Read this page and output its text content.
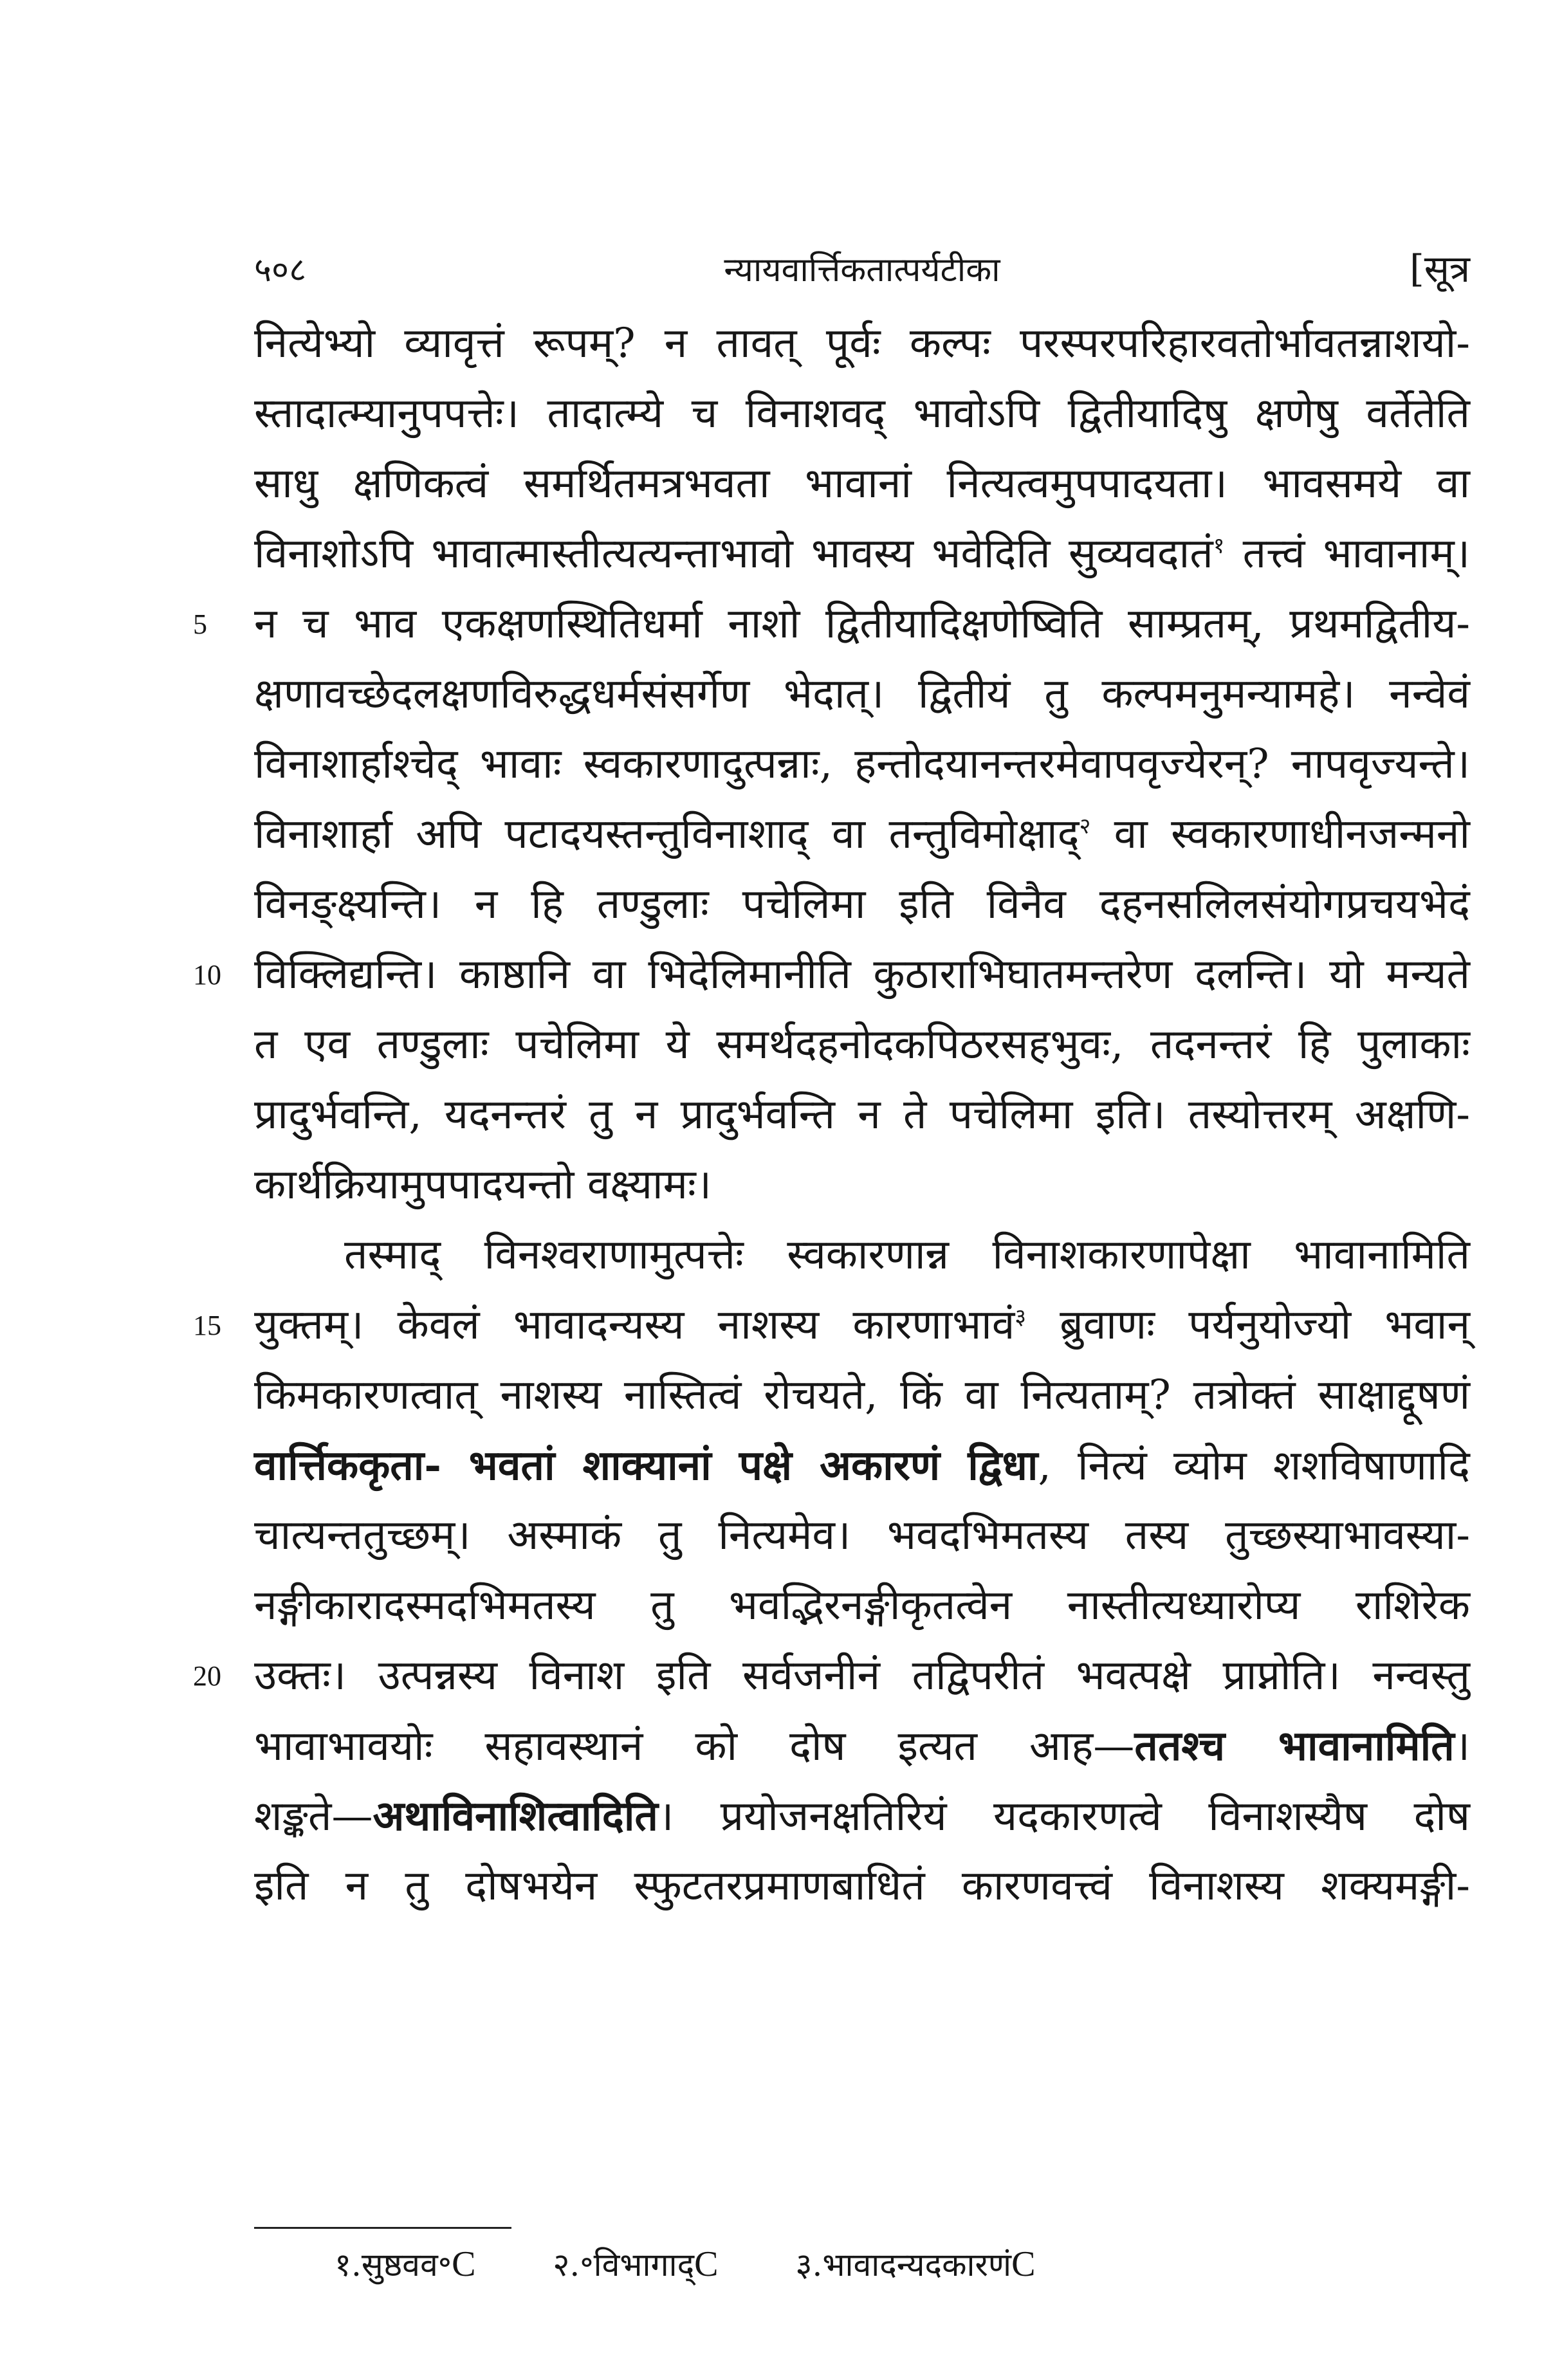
५०८	न्यायवार्त्तिकतात्पर्यटीका	[सूत्र
नित्येभ्यो व्यावृत्तं रूपम्? न तावत् पूर्वः कल्पः परस्परपरिहारवतोर्भावतन्नाशयो-
स्तादात्म्यानुपपत्तेः। तादात्म्ये च विनाशवद् भावोऽपि द्वितीयादिषु क्षणेषु वर्तेतेति
साधु क्षणिकत्वं समर्थितमत्रभवता भावानां नित्यत्वमुपपादयता। भावसमये वा
विनाशोऽपि भावात्मास्तीत्यत्यन्ताभावो भावस्य भवेदिति सुव्यवदातं$^१$ तत्त्वं भावानाम्।
5	न च भाव एकक्षणस्थितिधर्मा नाशो द्वितीयादिक्षणेष्विति साम्प्रतम्, प्रथमद्वितीय-
क्षणावच्छेदलक्षणविरुद्धधर्मसंसर्गेण भेदात्। द्वितीयं तु कल्पमनुमन्यामहे। नन्वेवं
विनाशार्हाश्चेद् भावाः स्वकारणादुत्पन्नाः, हन्तोदयानन्तरमेवापवृज्येरन्? नापवृज्यन्ते।
विनाशार्हा अपि पटादयस्तन्तुविनाशाद् वा तन्तुविमोक्षाद्$^२$ वा स्वकारणाधीनजन्मनो
विनङ्क्ष्यन्ति। न हि तण्डुलाः पचेलिमा इति विनैव दहनसलिलसंयोगप्रचयभेदं
10 विक्लिद्यन्ति। काष्ठानि वा भिदेलिमानीति कुठाराभिघातमन्तरेण दलन्ति। यो मन्यते
त एव तण्डुलाः पचेलिमा ये समर्थदहनोदकपिठरसहभुवः, तदनन्तरं हि पुलाकाः
प्रादुर्भवन्ति, यदनन्तरं तु न प्रादुर्भवन्ति न ते पचेलिमा इति। तस्योत्तरम् अक्षणि-
कार्थक्रियामुपपादयन्तो वक्ष्यामः।
तस्माद् विनश्वराणामुत्पत्तेः स्वकारणान्न विनाशकारणापेक्षा भावानामिति
15 युक्तम्। केवलं भावादन्यस्य नाशस्य कारणाभावं$^३$ ब्रुवाणः पर्यनुयोज्यो भवान्
किमकारणत्वात् नाशस्य नास्तित्वं रोचयते, किं वा नित्यताम्? तत्रोक्तं साक्षाद्दूषणं
वार्त्तिककृता- भवतां शाक्यानां पक्षे अकारणं द्विधा, नित्यं व्योम शशविषाणादि
चात्यन्ततुच्छम्। अस्माकं तु नित्यमेव। भवदभिमतस्य तस्य तुच्छस्याभावस्या-
नङ्गीकारादस्मदभिमतस्य तु भवद्भिरनङ्गीकृतत्वेन नास्तीत्यध्यारोप्य राशिरेक
20 उक्तः। उत्पन्नस्य विनाश इति सर्वजनीनं तद्विपरीतं भवत्पक्षे प्राप्नोति। नन्वस्तु
भावाभावयोः सहावस्थानं को दोष इत्यत आह—ततश्च भावानामिति।
शङ्कते—अथाविनाशित्वादिति। प्रयोजनक्षतिरियं यदकारणत्वे विनाशस्यैष दोष
इति न तु दोषभयेन स्फुटतरप्रमाणबाधितं कारणवत्त्वं विनाशस्य शक्यमङ्गी-
१.सुष्ठवव॰C २.॰विभागाद्C ३.भावादन्यदकारणंC
